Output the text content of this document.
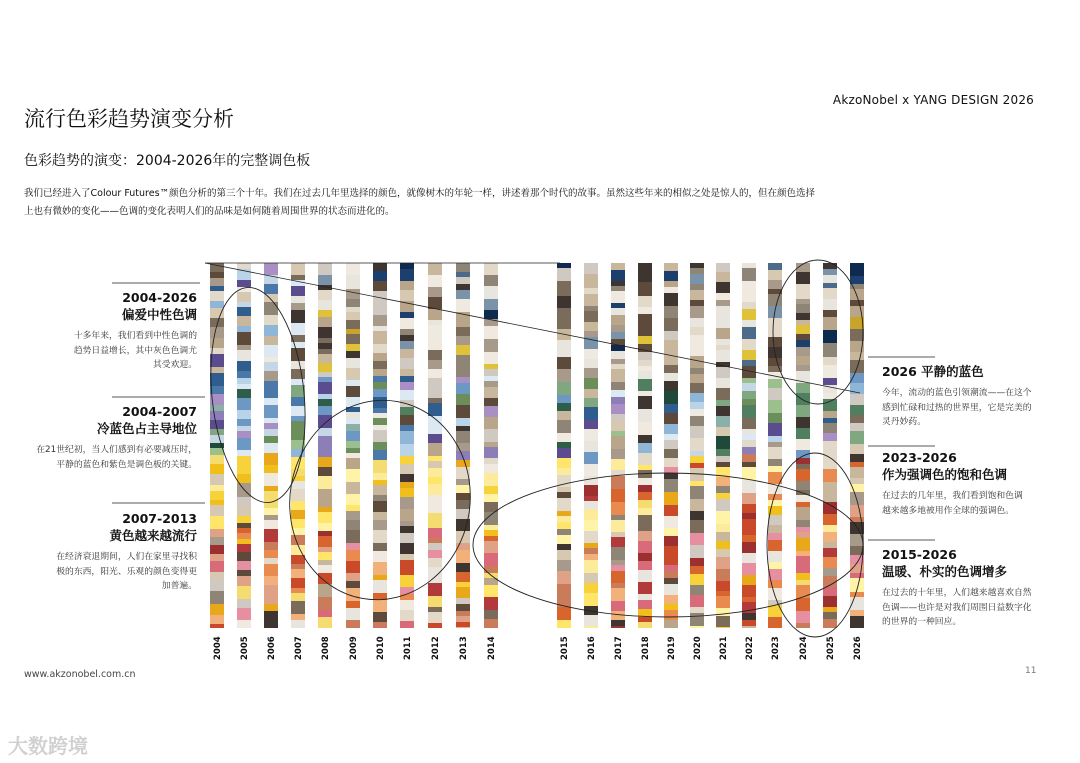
AkzoNobel x YANG DESIGN 2026
流行色彩趋势演变分析
色彩趋势的演变：2004-2026年的完整调色板
我们已经进入了Colour Futures™颜色分析的第三个十年。我们在过去几年里选择的颜色，就像树木的年轮一样，讲述着那个时代的故事。虽然这些年来的相似之处是惊人的，但在颜色选择
上也有微妙的变化——色调的变化表明人们的品味是如何随着周围世界的状态而进化的。
2004 2005 2006 2007 2008 2009 2010 2011 2012 2013 2014	2015 2016 2017 2018 2019 2020 2021 2022 2023 2024 2025 2026
2004-2026
偏爱中性色调
十多年来，我们看到中性色调的
趋势日益增长，其中灰色色调尤
其受欢迎。
2004-2007
冷蓝色占主导地位
在21世纪初，当人们感到有必要减压时，
平静的蓝色和紫色是调色板的关键。
2007-2013
黄色越来越流行
在经济衰退期间，人们在家里寻找积
极的东西，阳光、乐观的颜色变得更
加普遍。
2026 平静的蓝色
今年，流动的蓝色引领潮流——在这个
感到忙碌和过热的世界里，它是完美的
灵丹妙药。
2023-2026
作为强调色的饱和色调
在过去的几年里，我们看到饱和色调
越来越多地被用作全球的强调色。
2015-2026
温暖、朴实的色调增多
在过去的十年里，人们越来越喜欢自然
色调——也许是对我们周围日益数字化
的世界的一种回应。
www.akzonobel.com.cn	11
大数跨境
